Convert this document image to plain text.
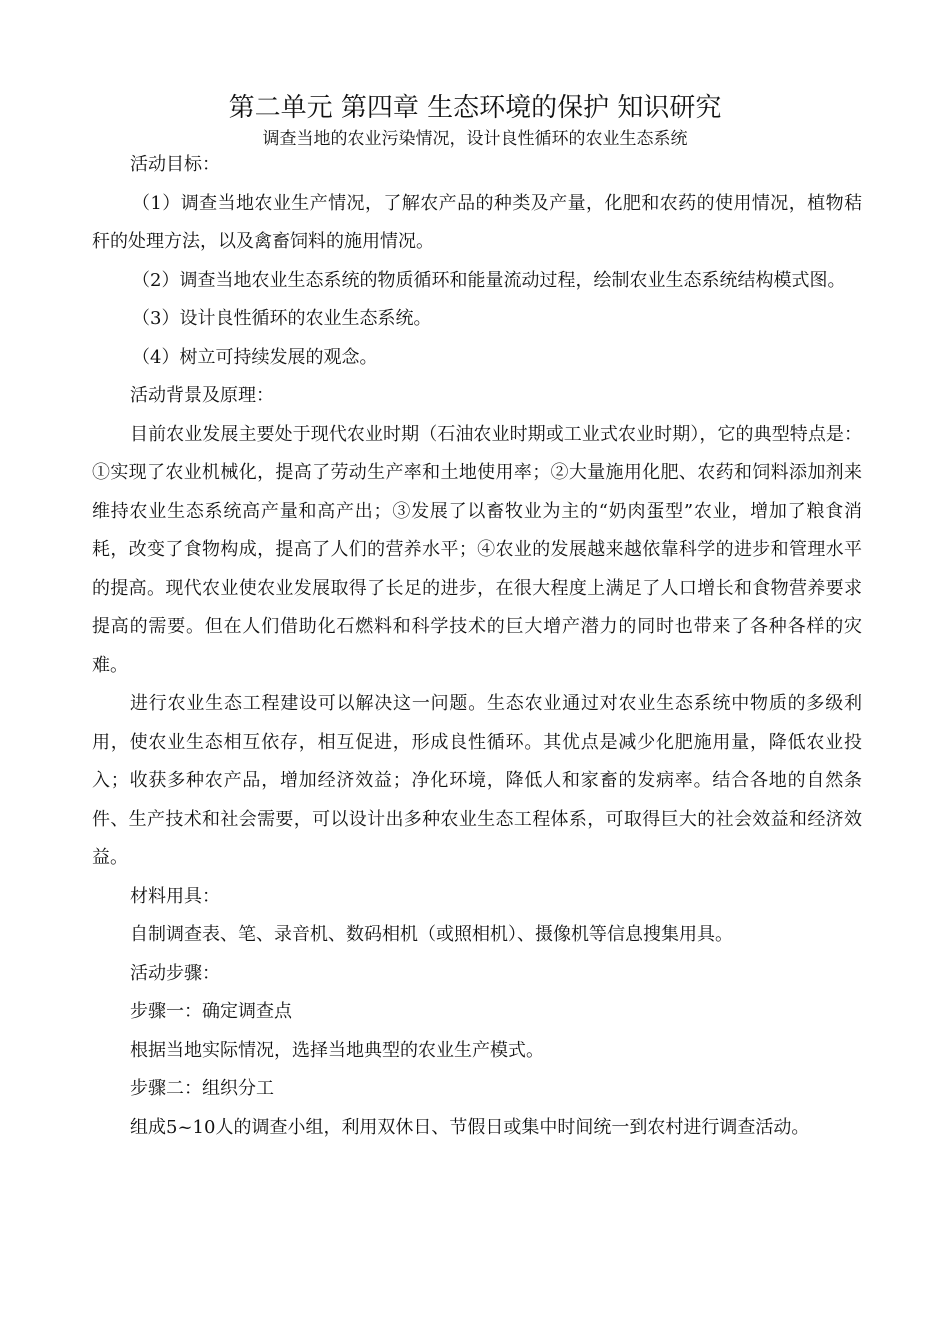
第二单元 第四章 生态环境的保护 知识研究
调查当地的农业污染情况，设计良性循环的农业生态系统

活动目标：

（1）调查当地农业生产情况，了解农产品的种类及产量，化肥和农药的使用情况，植物秸秆的处理方法，以及禽畜饲料的施用情况。

（2）调查当地农业生态系统的物质循环和能量流动过程，绘制农业生态系统结构模式图。

（3）设计良性循环的农业生态系统。

（4）树立可持续发展的观念。

活动背景及原理：

目前农业发展主要处于现代农业时期（石油农业时期或工业式农业时期），它的典型特点是：①实现了农业机械化，提高了劳动生产率和土地使用率；②大量施用化肥、农药和饲料添加剂来维持农业生态系统高产量和高产出；③发展了以畜牧业为主的“奶肉蛋型”农业，增加了粮食消耗，改变了食物构成，提高了人们的营养水平；④农业的发展越来越依靠科学的进步和管理水平的提高。现代农业使农业发展取得了长足的进步，在很大程度上满足了人口增长和食物营养要求提高的需要。但在人们借助化石燃料和科学技术的巨大增产潜力的同时也带来了各种各样的灾难。

进行农业生态工程建设可以解决这一问题。生态农业通过对农业生态系统中物质的多级利用，使农业生态相互依存，相互促进，形成良性循环。其优点是减少化肥施用量，降低农业投入；收获多种农产品，增加经济效益；净化环境，降低人和家畜的发病率。结合各地的自然条件、生产技术和社会需要，可以设计出多种农业生态工程体系，可取得巨大的社会效益和经济效益。

材料用具：

自制调查表、笔、录音机、数码相机（或照相机）、摄像机等信息搜集用具。

活动步骤：

步骤一：确定调查点

根据当地实际情况，选择当地典型的农业生产模式。

步骤二：组织分工

组成5~10人的调查小组，利用双休日、节假日或集中时间统一到农村进行调查活动。
